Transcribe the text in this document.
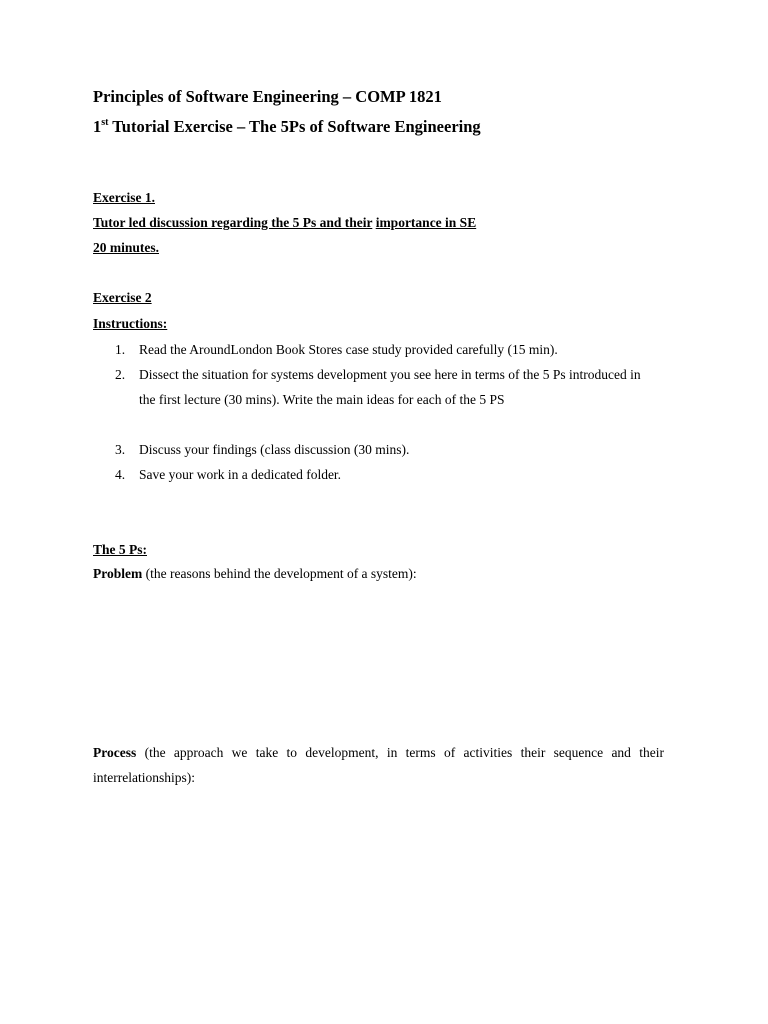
Principles of Software Engineering – COMP 1821
1st Tutorial Exercise – The 5Ps of Software Engineering
Exercise 1.
Tutor led discussion regarding the 5 Ps and their importance in SE
20 minutes.
Exercise 2
Instructions:
1.	Read the AroundLondon Book Stores case study provided carefully (15 min).
2.	Dissect the situation for systems development you see here in terms of the 5 Ps introduced in the first lecture (30 mins). Write the main ideas for each of the 5 PS
3.	Discuss your findings (class discussion (30 mins).
4.	Save your work in a dedicated folder.
The 5 Ps:
Problem (the reasons behind the development of a system):
Process (the approach we take to development, in terms of activities their sequence and their interrelationships):
